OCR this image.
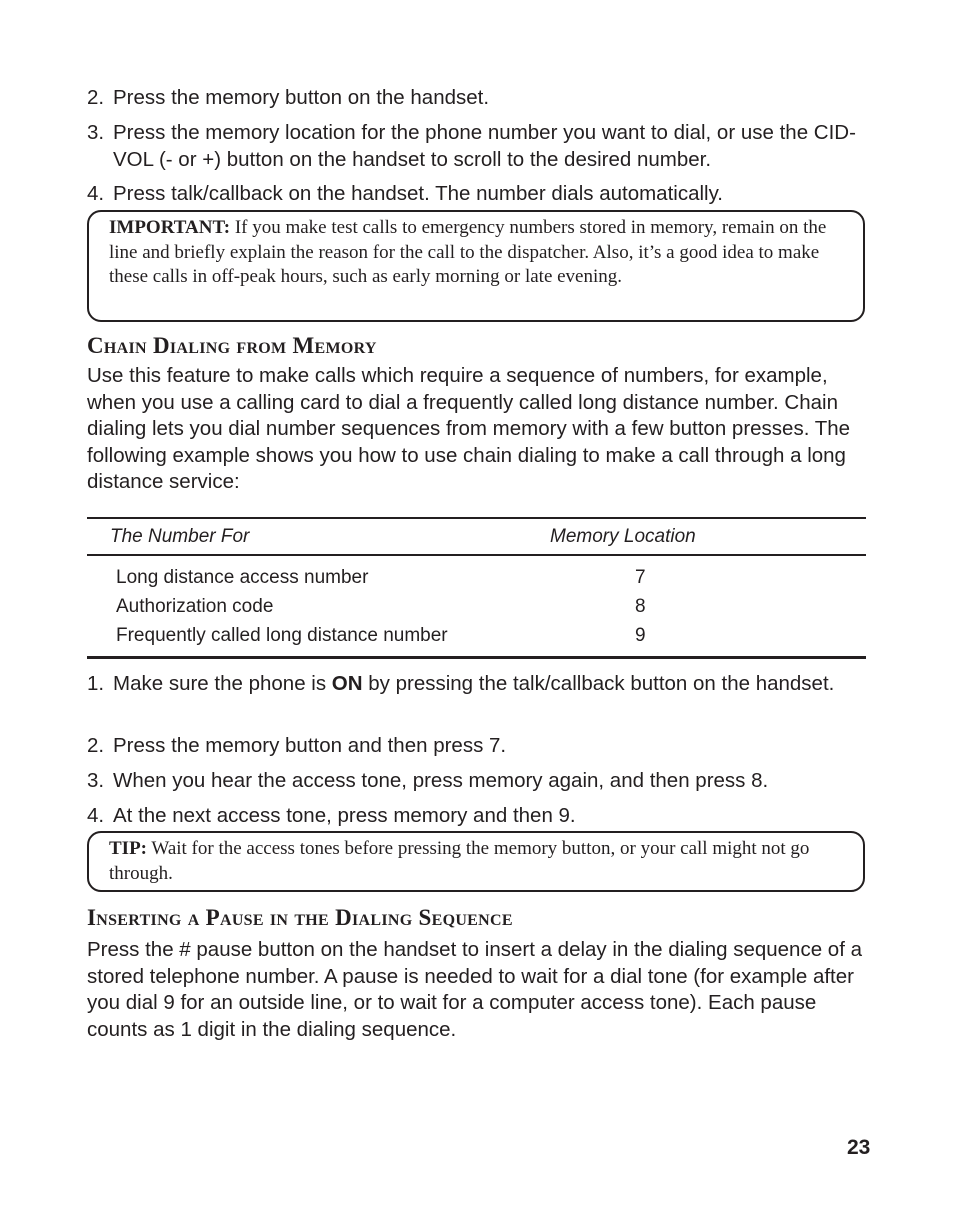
2. Press the memory button on the handset.
3. Press the memory location for the phone number you want to dial, or use the CID-VOL (- or +) button on the handset to scroll to the desired number.
4. Press talk/callback on the handset. The number dials automatically.
IMPORTANT: If you make test calls to emergency numbers stored in memory, remain on the line and briefly explain the reason for the call to the dispatcher. Also, it’s a good idea to make these calls in off-peak hours, such as early morning or late evening.
Chain Dialing from Memory
Use this feature to make calls which require a sequence of numbers, for example, when you use a calling card to dial a frequently called long distance number. Chain dialing lets you dial number sequences from memory with a few button presses. The following example shows you how to use chain dialing to make a call through a long distance service:
The Number For	Memory Location
Long distance access number	7
Authorization code	8
Frequently called long distance number	9
1. Make sure the phone is ON by pressing the talk/callback button on the handset.
2. Press the memory button and then press 7.
3. When you hear the access tone, press memory again, and then press 8.
4. At the next access tone, press memory and then 9.
TIP: Wait for the access tones before pressing the memory button, or your call might not go through.
Inserting a Pause in the Dialing Sequence
Press the # pause button on the handset to insert a delay in the dialing sequence of a stored telephone number. A pause is needed to wait for a dial tone (for example after you dial 9 for an outside line, or to wait for a computer access tone). Each pause counts as 1 digit in the dialing sequence.
23
